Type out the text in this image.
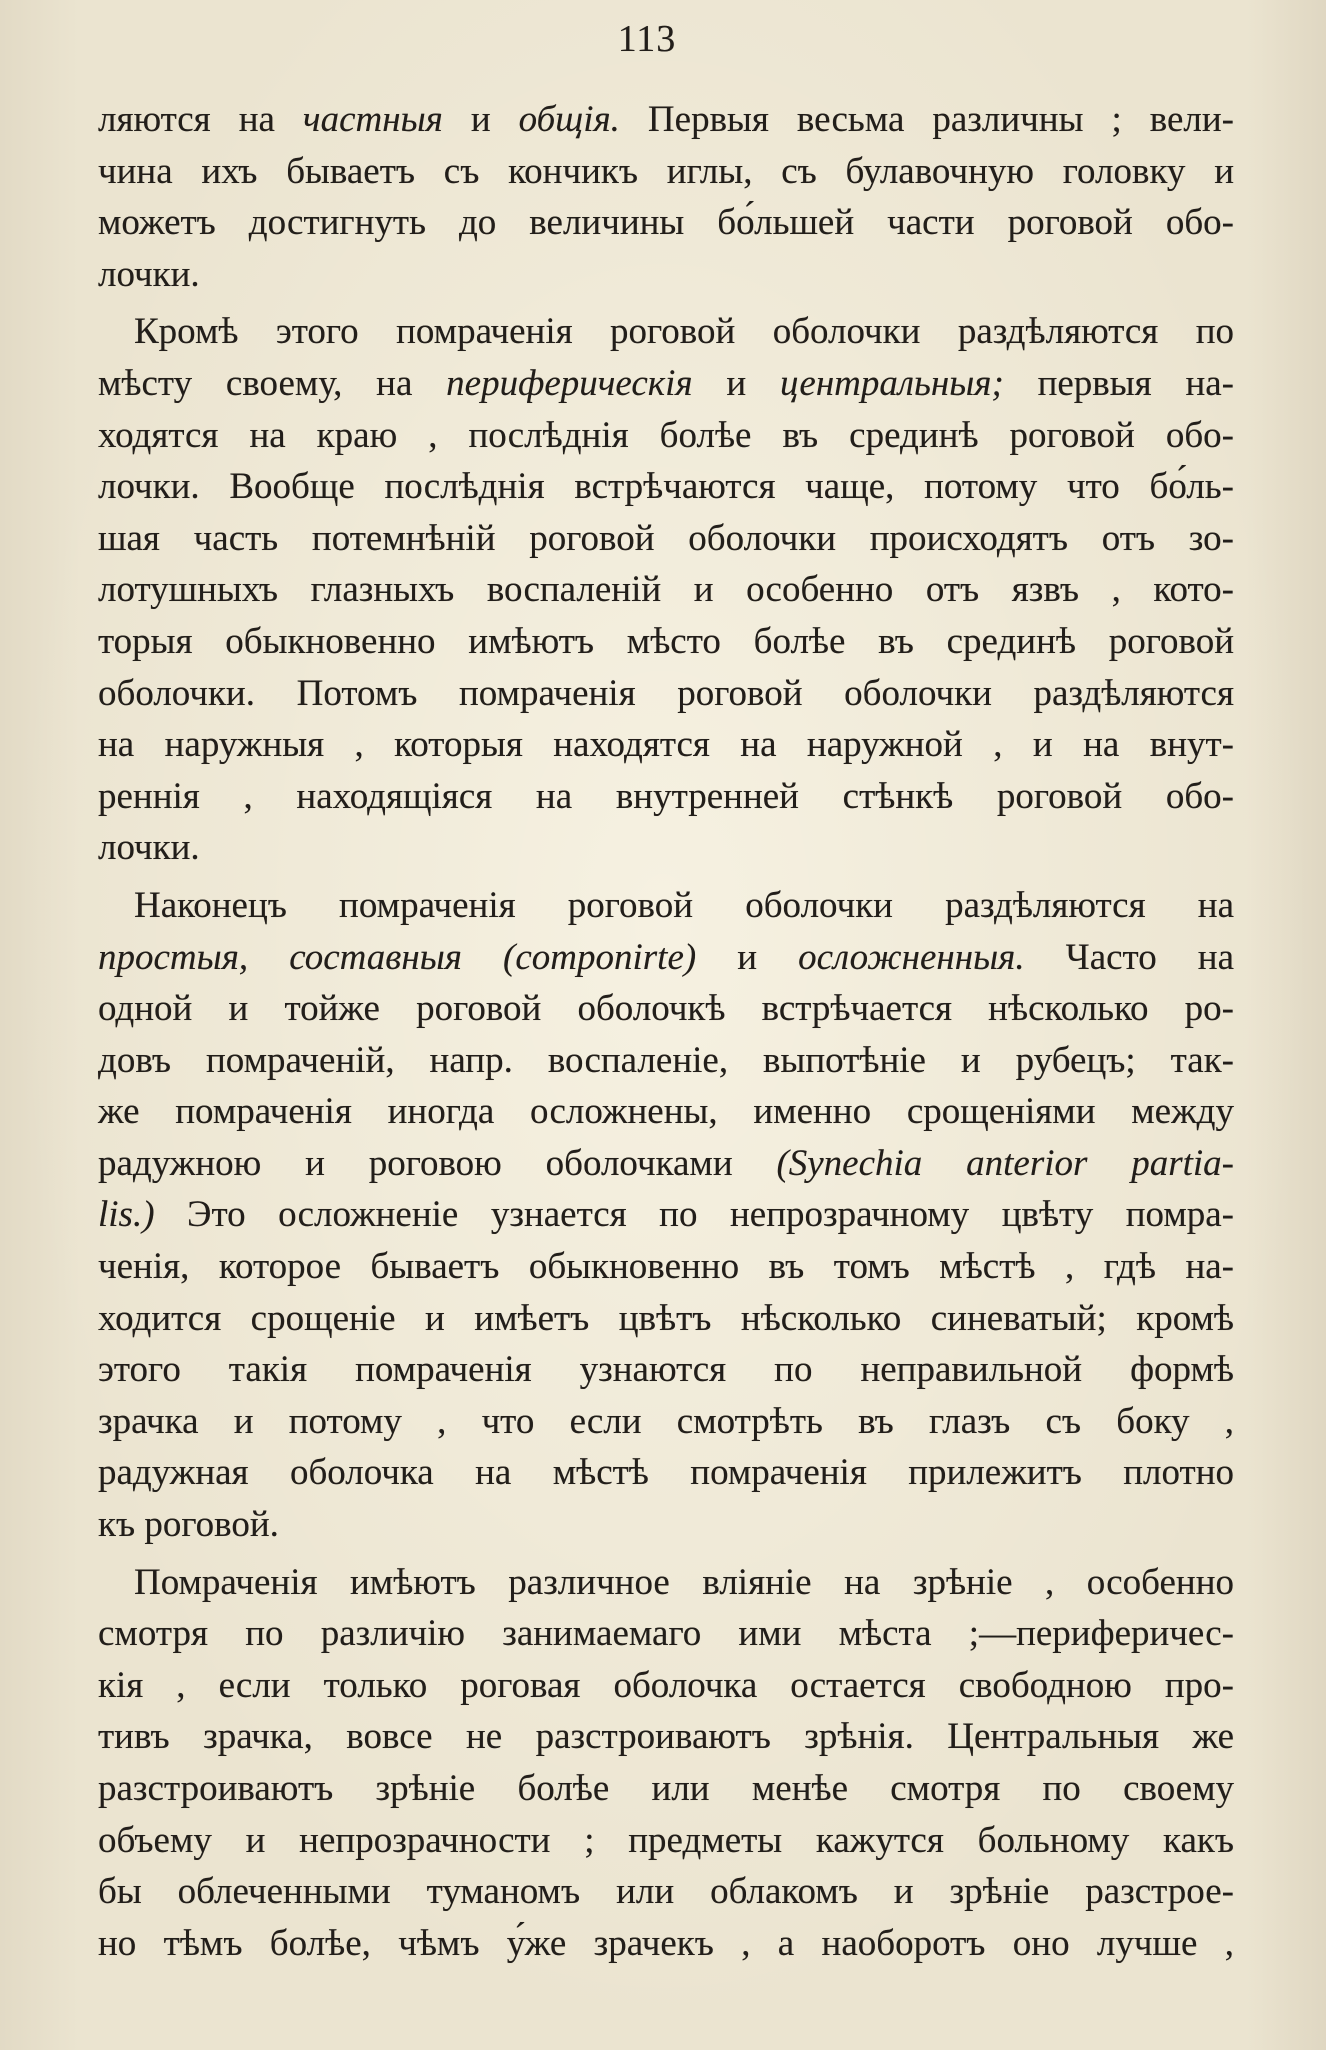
113
ляются на частныя и общія. Первыя весьма различны ; вели-
чина ихъ бываетъ съ кончикъ иглы, съ булавочную головку и
можетъ достигнуть до величины бо́льшей части роговой обо-
лочки.
Кромѣ этого помраченія роговой оболочки раздѣляются по
мѣсту своему, на периферическія и центральныя; первыя на-
ходятся на краю , послѣднія болѣе въ срединѣ роговой обо-
лочки. Вообще послѣднія встрѣчаются чаще, потому что бо́ль-
шая часть потемнѣній роговой оболочки происходятъ отъ зо-
лотушныхъ глазныхъ воспаленій и особенно отъ язвъ , кото-
торыя обыкновенно имѣютъ мѣсто болѣе въ срединѣ роговой
оболочки. Потомъ помраченія роговой оболочки раздѣляются
на наружныя , которыя находятся на наружной , и на внут-
реннія , находящіяся на внутренней стѣнкѣ роговой обо-
лочки.
Наконецъ помраченія роговой оболочки раздѣляются на
простыя, составныя (componirte) и осложненныя. Часто на
одной и тойже роговой оболочкѣ встрѣчается нѣсколько ро-
довъ помраченій, напр. воспаленіе, выпотѣніе и рубецъ; так-
же помраченія иногда осложнены, именно срощеніями между
радужною и роговою оболочками (Synechia anterior partia-
lis.) Это осложненіе узнается по непрозрачному цвѣту помра-
ченія, которое бываетъ обыкновенно въ томъ мѣстѣ , гдѣ на-
ходится срощеніе и имѣетъ цвѣтъ нѣсколько синеватый; кромѣ
этого такія помраченія узнаются по неправильной формѣ
зрачка и потому , что если смотрѣть въ глазъ съ боку ,
радужная оболочка на мѣстѣ помраченія прилежитъ плотно
къ роговой.
Помраченія имѣютъ различное вліяніе на зрѣніе , особенно
смотря по различію занимаемаго ими мѣста ;—периферичес-
кія , если только роговая оболочка остается свободною про-
тивъ зрачка, вовсе не разстроиваютъ зрѣнія. Центральныя же
разстроиваютъ зрѣніе болѣе или менѣе смотря по своему
объему и непрозрачности ; предметы кажутся больному какъ
бы облеченными туманомъ или облакомъ и зрѣніе разстрое-
но тѣмъ болѣе, чѣмъ у́же зрачекъ , а наоборотъ оно лучше ,
